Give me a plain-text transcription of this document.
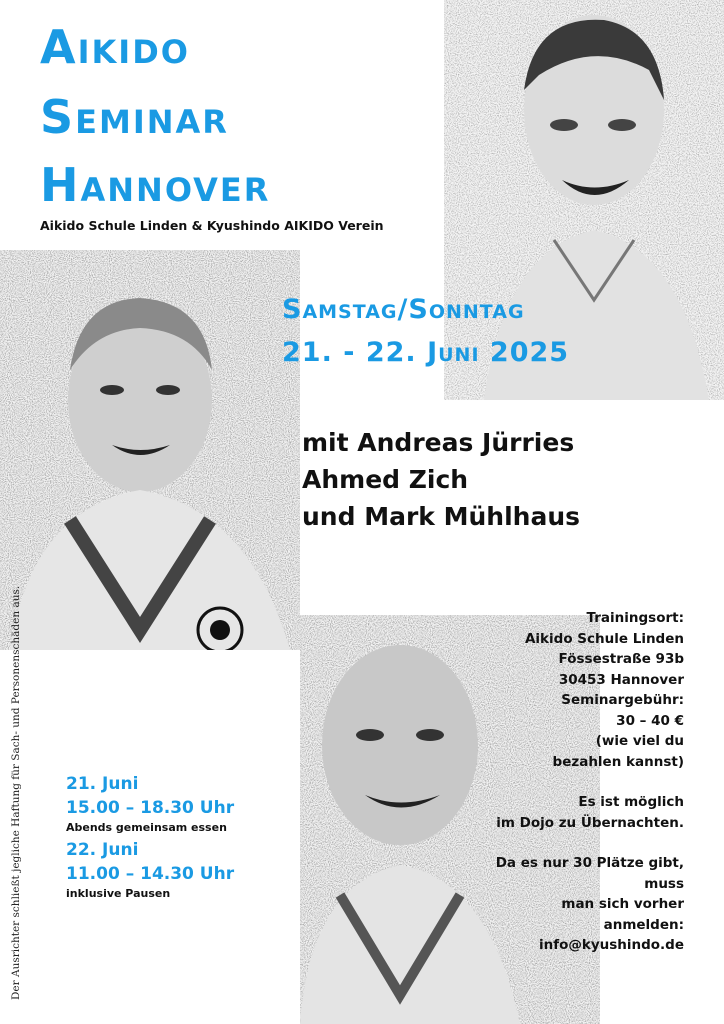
Aikido
Seminar
Hannover
Aikido Schule Linden & Kyushindo AIKIDO Verein
Samstag/Sonntag
21. - 22. Juni 2025
mit Andreas Jürries
Ahmed Zich
und Mark Mühlhaus
Trainingsort:
Aikido Schule Linden
Fössestraße 93b
30453 Hannover
Seminargebühr:
30 – 40 €
(wie viel du
bezahlen kannst)
Es ist möglich
im Dojo zu Übernachten.
Da es nur 30 Plätze gibt,
muss
man sich vorher
anmelden:
info@kyushindo.de
21. Juni
15.00 – 18.30 Uhr
Abends gemeinsam essen
22. Juni
11.00 – 14.30 Uhr
inklusive Pausen
Der Ausrichter schließt jegliche Haftung für Sach- und Personenschäden aus.
